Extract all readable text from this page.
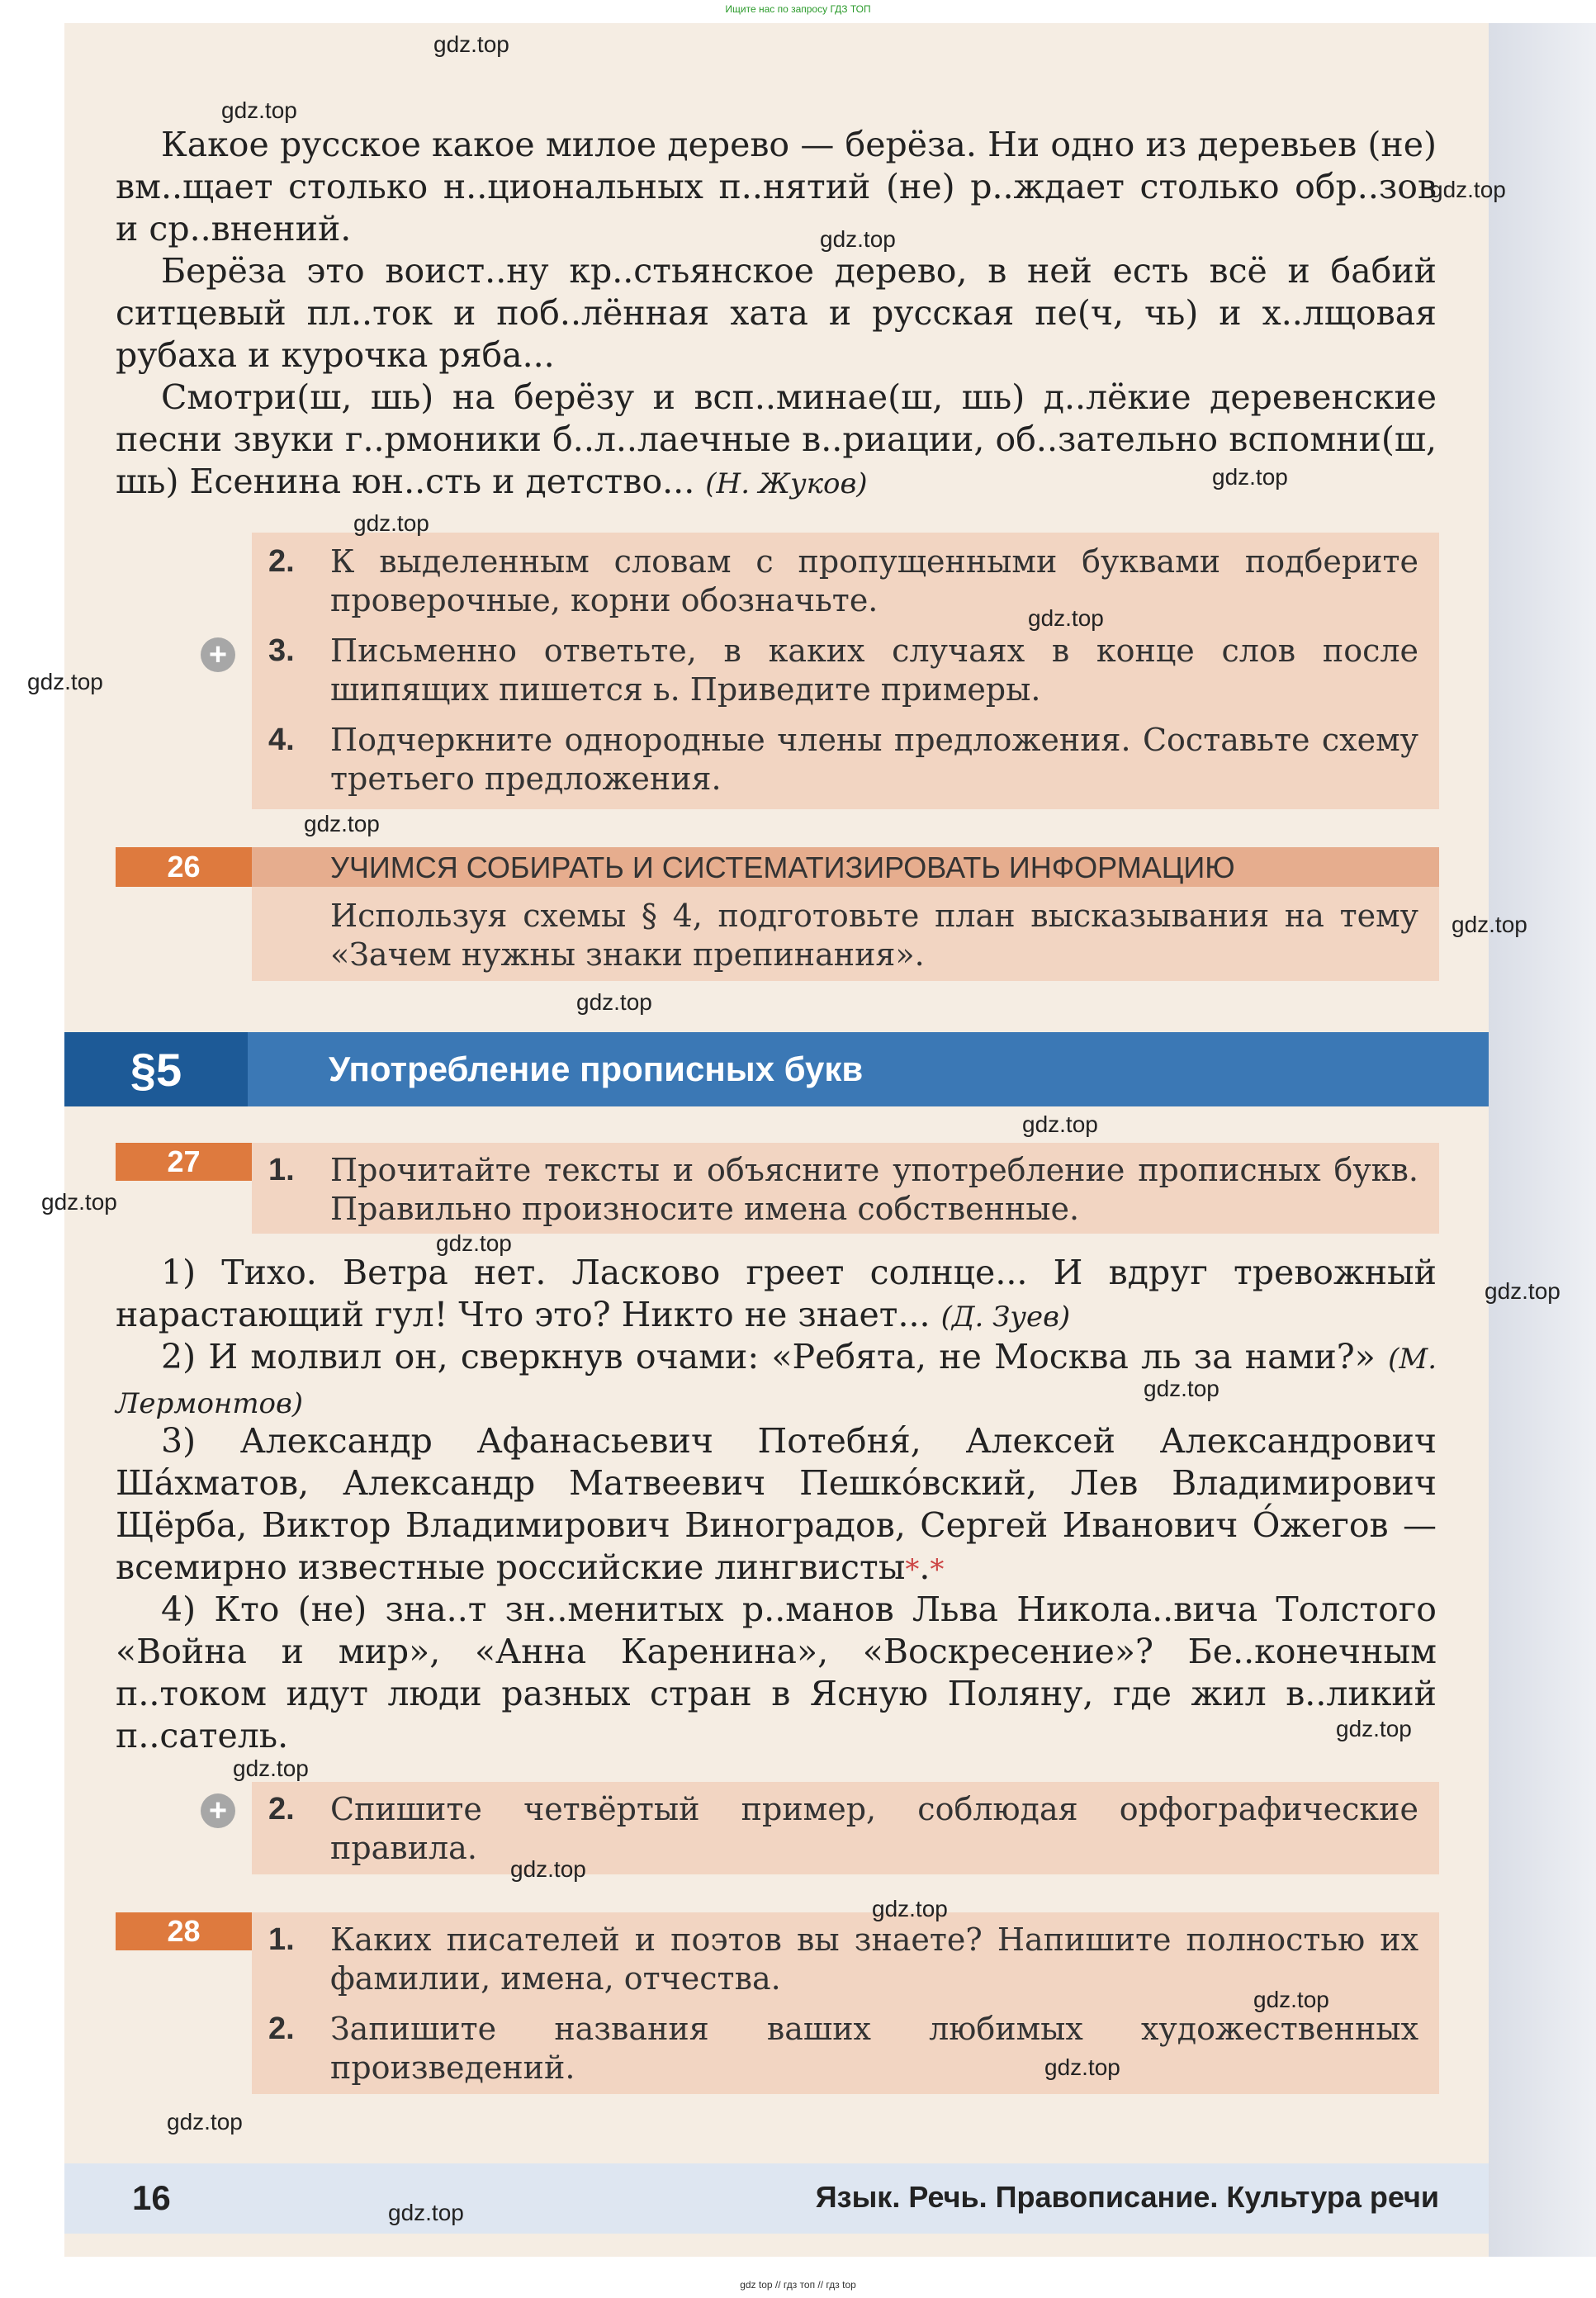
Ищите нас по запросу ГДЗ ТОП

Какое русское какое милое дерево — берёза. Ни одно из деревьев (не) вм..щает столько н..циональных п..нятий (не) р..ждает столько обр..зов и ср..внений.

Берёза это воист..ну кр..стьянское дерево, в ней есть всё и бабий ситцевый пл..ток и поб..лённая хата и русская пе(ч, чь) и х..лщовая рубаха и курочка ряба...

Смотри(ш, шь) на берёзу и всп..минае(ш, шь) д..лёкие деревенские песни звуки г..рмоники б..л..лаечные в..риации, об..зательно вспомни(ш, шь) Есенина юн..сть и детство... (Н. Жуков)

2. К выделенным словам с пропущенными буквами подберите проверочные, корни обозначьте.
3. Письменно ответьте, в каких случаях в конце слов после шипящих пишется ь. Приведите примеры.
4. Подчеркните однородные члены предложения. Составьте схему третьего предложения.
+
26	УЧИМСЯ СОБИРАТЬ И СИСТЕМАТИЗИРОВАТЬ ИНФОРМАЦИЮ
Используя схемы § 4, подготовьте план высказывания на тему «Зачем нужны знаки препинания».
§5	Употребление прописных букв
27	1. Прочитайте тексты и объясните употребление прописных букв. Правильно произносите имена собственные.

1) Тихо. Ветра нет. Ласково греет солнце... И вдруг тревожный нарастающий гул! Что это? Никто не знает... (Д. Зуев)

2) И молвил он, сверкнув очами: «Ребята, не Москва ль за нами?» (М. Лермонтов)

3) Александр Афанасьевич Потебня́, Алексей Александрович Ша́хматов, Александр Матвеевич Пешко́вский, Лев Владимирович Щёрба, Виктор Владимирович Виноградов, Сергей Иванович О́жегов — всемирно известные российские лингвисты*.*

4) Кто (не) зна..т зн..менитых р..манов Льва Никола..вича Толстого «Война и мир», «Анна Каренина», «Воскресение»? Бе..конечным п..током идут люди разных стран в Ясную Поляну, где жил в..ликий п..сатель.

2. Спишите четвёртый пример, соблюдая орфографические правила.
+
28	1. Каких писателей и поэтов вы знаете? Напишите полностью их фамилии, имена, отчества.
2. Запишите названия ваших любимых художественных произведений.
16	Язык. Речь. Правописание. Культура речи
gdz top // гдз топ // гдз top
gdz.top
gdz.top
gdz.top
gdz.top
gdz.top
gdz.top
gdz.top
gdz.top
gdz.top
gdz.top
gdz.top
gdz.top
gdz.top
gdz.top
gdz.top
gdz.top
gdz.top
gdz.top
gdz.top
gdz.top
gdz.top
gdz.top
gdz.top
gdz.top
